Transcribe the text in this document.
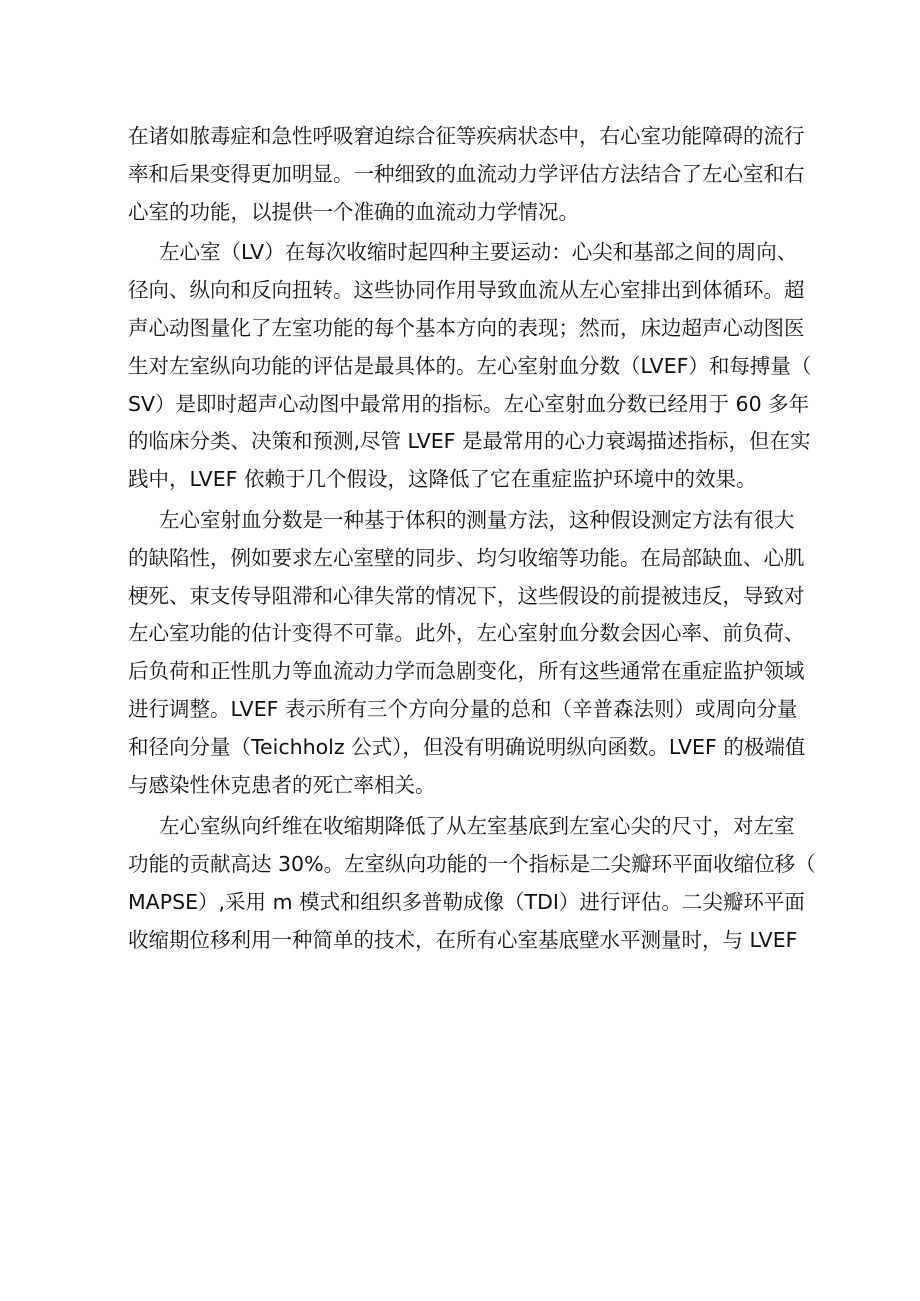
在诸如脓毒症和急性呼吸窘迫综合征等疾病状态中，右心室功能障碍的流行
率和后果变得更加明显。一种细致的血流动力学评估方法结合了左心室和右
心室的功能，以提供一个准确的血流动力学情况。
左心室（LV）在每次收缩时起四种主要运动：心尖和基部之间的周向、
径向、纵向和反向扭转。这些协同作用导致血流从左心室排出到体循环。超
声心动图量化了左室功能的每个基本方向的表现；然而，床边超声心动图医
生对左室纵向功能的评估是最具体的。左心室射血分数（LVEF）和每搏量（
SV）是即时超声心动图中最常用的指标。左心室射血分数已经用于 60 多年
的临床分类、决策和预测,尽管 LVEF 是最常用的心力衰竭描述指标，但在实
践中，LVEF 依赖于几个假设，这降低了它在重症监护环境中的效果。
左心室射血分数是一种基于体积的测量方法，这种假设测定方法有很大
的缺陷性，例如要求左心室壁的同步、均匀收缩等功能。在局部缺血、心肌
梗死、束支传导阻滞和心律失常的情况下，这些假设的前提被违反，导致对
左心室功能的估计变得不可靠。此外，左心室射血分数会因心率、前负荷、
后负荷和正性肌力等血流动力学而急剧变化，所有这些通常在重症监护领域
进行调整。LVEF 表示所有三个方向分量的总和（辛普森法则）或周向分量
和径向分量（Teichholz 公式），但没有明确说明纵向函数。LVEF 的极端值
与感染性休克患者的死亡率相关。
左心室纵向纤维在收缩期降低了从左室基底到左室心尖的尺寸，对左室
功能的贡献高达 30%。左室纵向功能的一个指标是二尖瓣环平面收缩位移（
MAPSE）,采用 m 模式和组织多普勒成像（TDI）进行评估。二尖瓣环平面
收缩期位移利用一种简单的技术，在所有心室基底壁水平测量时，与 LVEF
